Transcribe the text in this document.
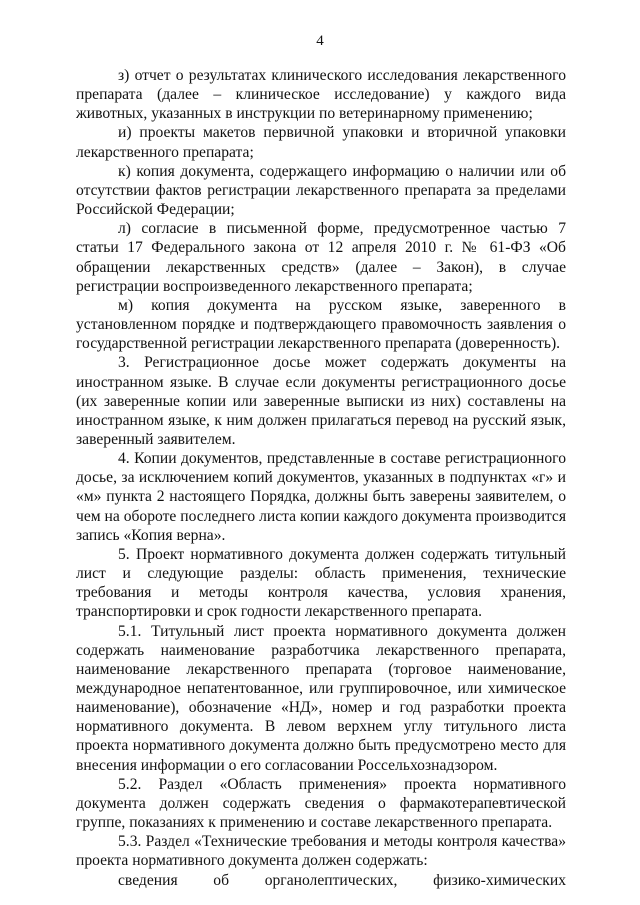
4

з) отчет о результатах клинического исследования лекарственного препарата (далее – клиническое исследование) у каждого вида животных, указанных в инструкции по ветеринарному применению;

и) проекты макетов первичной упаковки и вторичной упаковки лекарственного препарата;

к) копия документа, содержащего информацию о наличии или об отсутствии фактов регистрации лекарственного препарата за пределами Российской Федерации;

л) согласие в письменной форме, предусмотренное частью 7 статьи 17 Федерального закона от 12 апреля 2010 г. № 61-ФЗ «Об обращении лекарственных средств» (далее – Закон), в случае регистрации воспроизведенного лекарственного препарата;

м) копия документа на русском языке, заверенного в установленном порядке и подтверждающего правомочность заявления о государственной регистрации лекарственного препарата (доверенность).

3. Регистрационное досье может содержать документы на иностранном языке. В случае если документы регистрационного досье (их заверенные копии или заверенные выписки из них) составлены на иностранном языке, к ним должен прилагаться перевод на русский язык, заверенный заявителем.

4. Копии документов, представленные в составе регистрационного досье, за исключением копий документов, указанных в подпунктах «г» и «м» пункта 2 настоящего Порядка, должны быть заверены заявителем, о чем на обороте последнего листа копии каждого документа производится запись «Копия верна».

5. Проект нормативного документа должен содержать титульный лист и следующие разделы: область применения, технические требования и методы контроля качества, условия хранения, транспортировки и срок годности лекарственного препарата.

5.1. Титульный лист проекта нормативного документа должен содержать наименование разработчика лекарственного препарата, наименование лекарственного препарата (торговое наименование, международное непатентованное, или группировочное, или химическое наименование), обозначение «НД», номер и год разработки проекта нормативного документа. В левом верхнем углу титульного листа проекта нормативного документа должно быть предусмотрено место для внесения информации о его согласовании Россельхознадзором.

5.2. Раздел «Область применения» проекта нормативного документа должен содержать сведения о фармакотерапевтической группе, показаниях к применению и составе лекарственного препарата.

5.3. Раздел «Технические требования и методы контроля качества» проекта нормативного документа должен содержать:

сведения об органолептических, физико-химических
